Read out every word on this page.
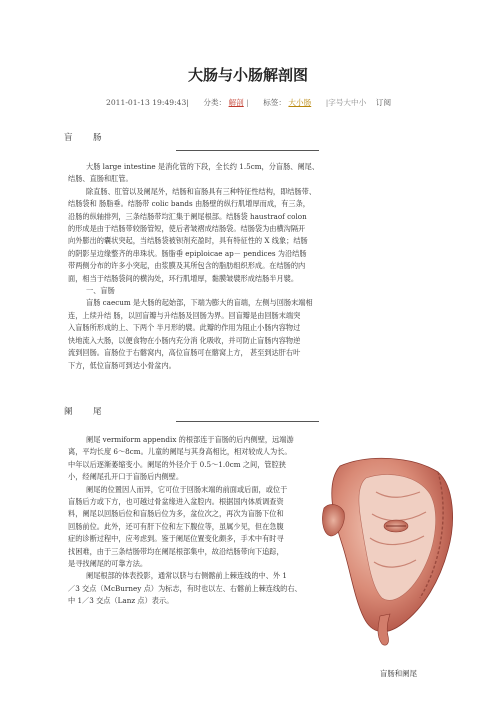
大肠与小肠解剖图
2011-01-13 19:49:43| 分类： 解剖 | 标签： 大小肠 |字号大中小 订阅
盲　肠
大肠 large intestine 是消化管的下段，全长约 1.5cm，分盲肠、阑尾、
结肠、直肠和肛管。
除直肠、肛管以及阑尾外，结肠和盲肠具有三种特征性结构，即结肠带、
结肠袋和 肠脂垂。结肠带 colic bands 由肠壁的纵行肌增厚而成，有三条，
沿肠的纵轴排列，三条结肠带均汇集于阑尾根部。结肠袋 haustraof colon
的形成是由于结肠带较肠管短，使后者皱褶成结肠袋。结肠袋为由横沟隔开
向外膨出的囊状突起，当结肠袋被钡剂充盈时，具有特征性的 X 线象；结肠
的阴影呈边缘整齐的串珠状。肠脂垂 epiploicae ap－ pendices 为沿结肠
带两侧分布的许多小突起，由浆膜及其所包含的脂肪组织形成。在结肠的内
面，相当于结肠袋间的横沟处，环行肌增厚，黏膜皱襞形成结肠半月襞。
一、盲肠
盲肠 caecum 是大肠的起始部，下端为膨大的盲端，左侧与回肠末端相
连，上续升结 肠，以回盲瓣与升结肠及回肠为界。回盲瓣是由回肠末端突
入盲肠所形成的上、下两个 半月形的襞。此瓣的作用为阻止小肠内容物过
快地流入大肠，以便食物在小肠内充分消 化吸收，并可防止盲肠内容物逆
流到回肠。盲肠位于右髂窝内，高位盲肠可在髂窝上方， 甚至到达肝右叶
下方，低位盲肠可到达小骨盆内。
阑　尾
阑尾 vermiform appendix 的根部连于盲肠的后内侧壁，远端游
离，平均长度 6～8cm。儿童的阑尾与其身高相比，相对较成人为长。
中年以后逐渐萎缩变小。阑尾的外径介于 0.5～1.0cm 之间，管腔狭
小，经阑尾孔开口于盲肠后内侧壁。
阑尾的位置因人而异，它可位于回肠末端的前面或后面，或位于
盲肠后方或下方，也可越过骨盆缘进入盆腔内。根据国内体质调查资
料，阑尾以回肠后位和盲肠后位为多，盆位次之，再次为盲肠下位和
回肠前位。此外，还可有肝下位和左下腹位等，虽属少见，但在急腹
症的诊断过程中，应考虑到。鉴于阑尾位置变化颇多，手术中有时寻
找困难，由于三条结肠带均在阑尾根部集中，故沿结肠带向下追踪，
是寻找阑尾的可靠方法。
阑尾根部的体表投影，通常以脐与右侧髂前上棘连线的中、外 1
／3 交点（McBurney 点）为标志，有时也以左、右髂前上棘连线的右、
中 1／3 交点（Lanz 点）表示。
盲肠和阑尾
